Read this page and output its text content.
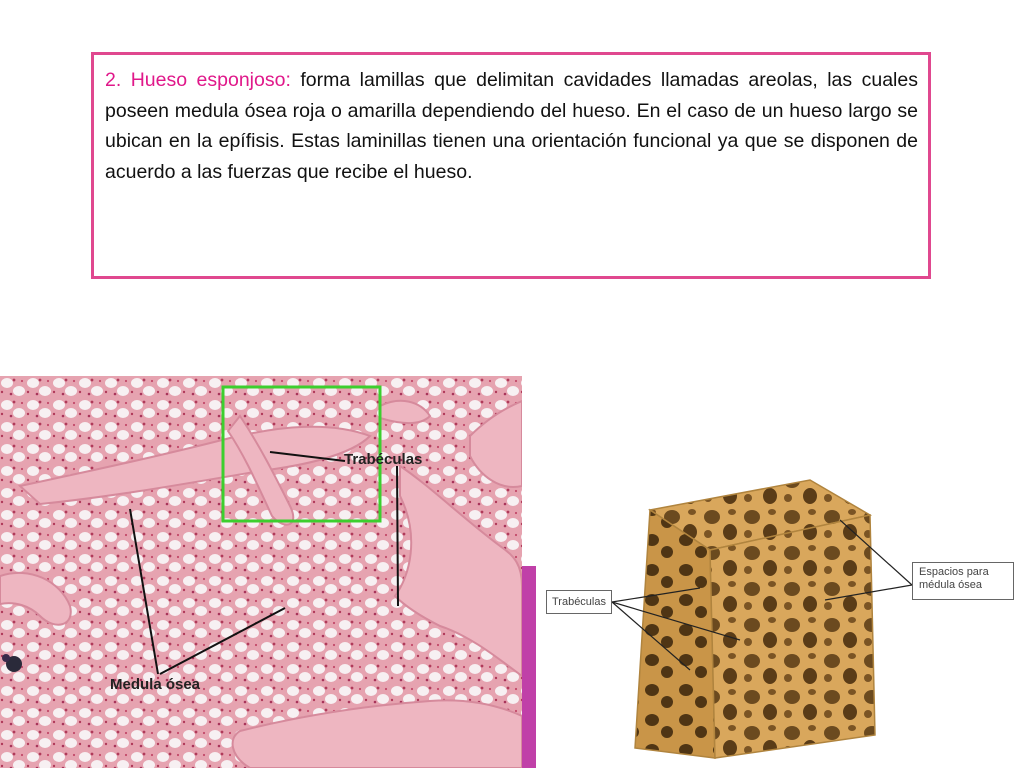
2. Hueso esponjoso: forma lamillas que delimitan cavidades llamadas areolas, las cuales poseen medula ósea roja o amarilla dependiendo del hueso. En el caso de un hueso largo se ubican en la epífisis. Estas laminillas tienen una orientación funcional ya que se disponen de acuerdo a las fuerzas que recibe el hueso.

Trabéculas
Medula ósea
Trabéculas
Espacios para
médula ósea
